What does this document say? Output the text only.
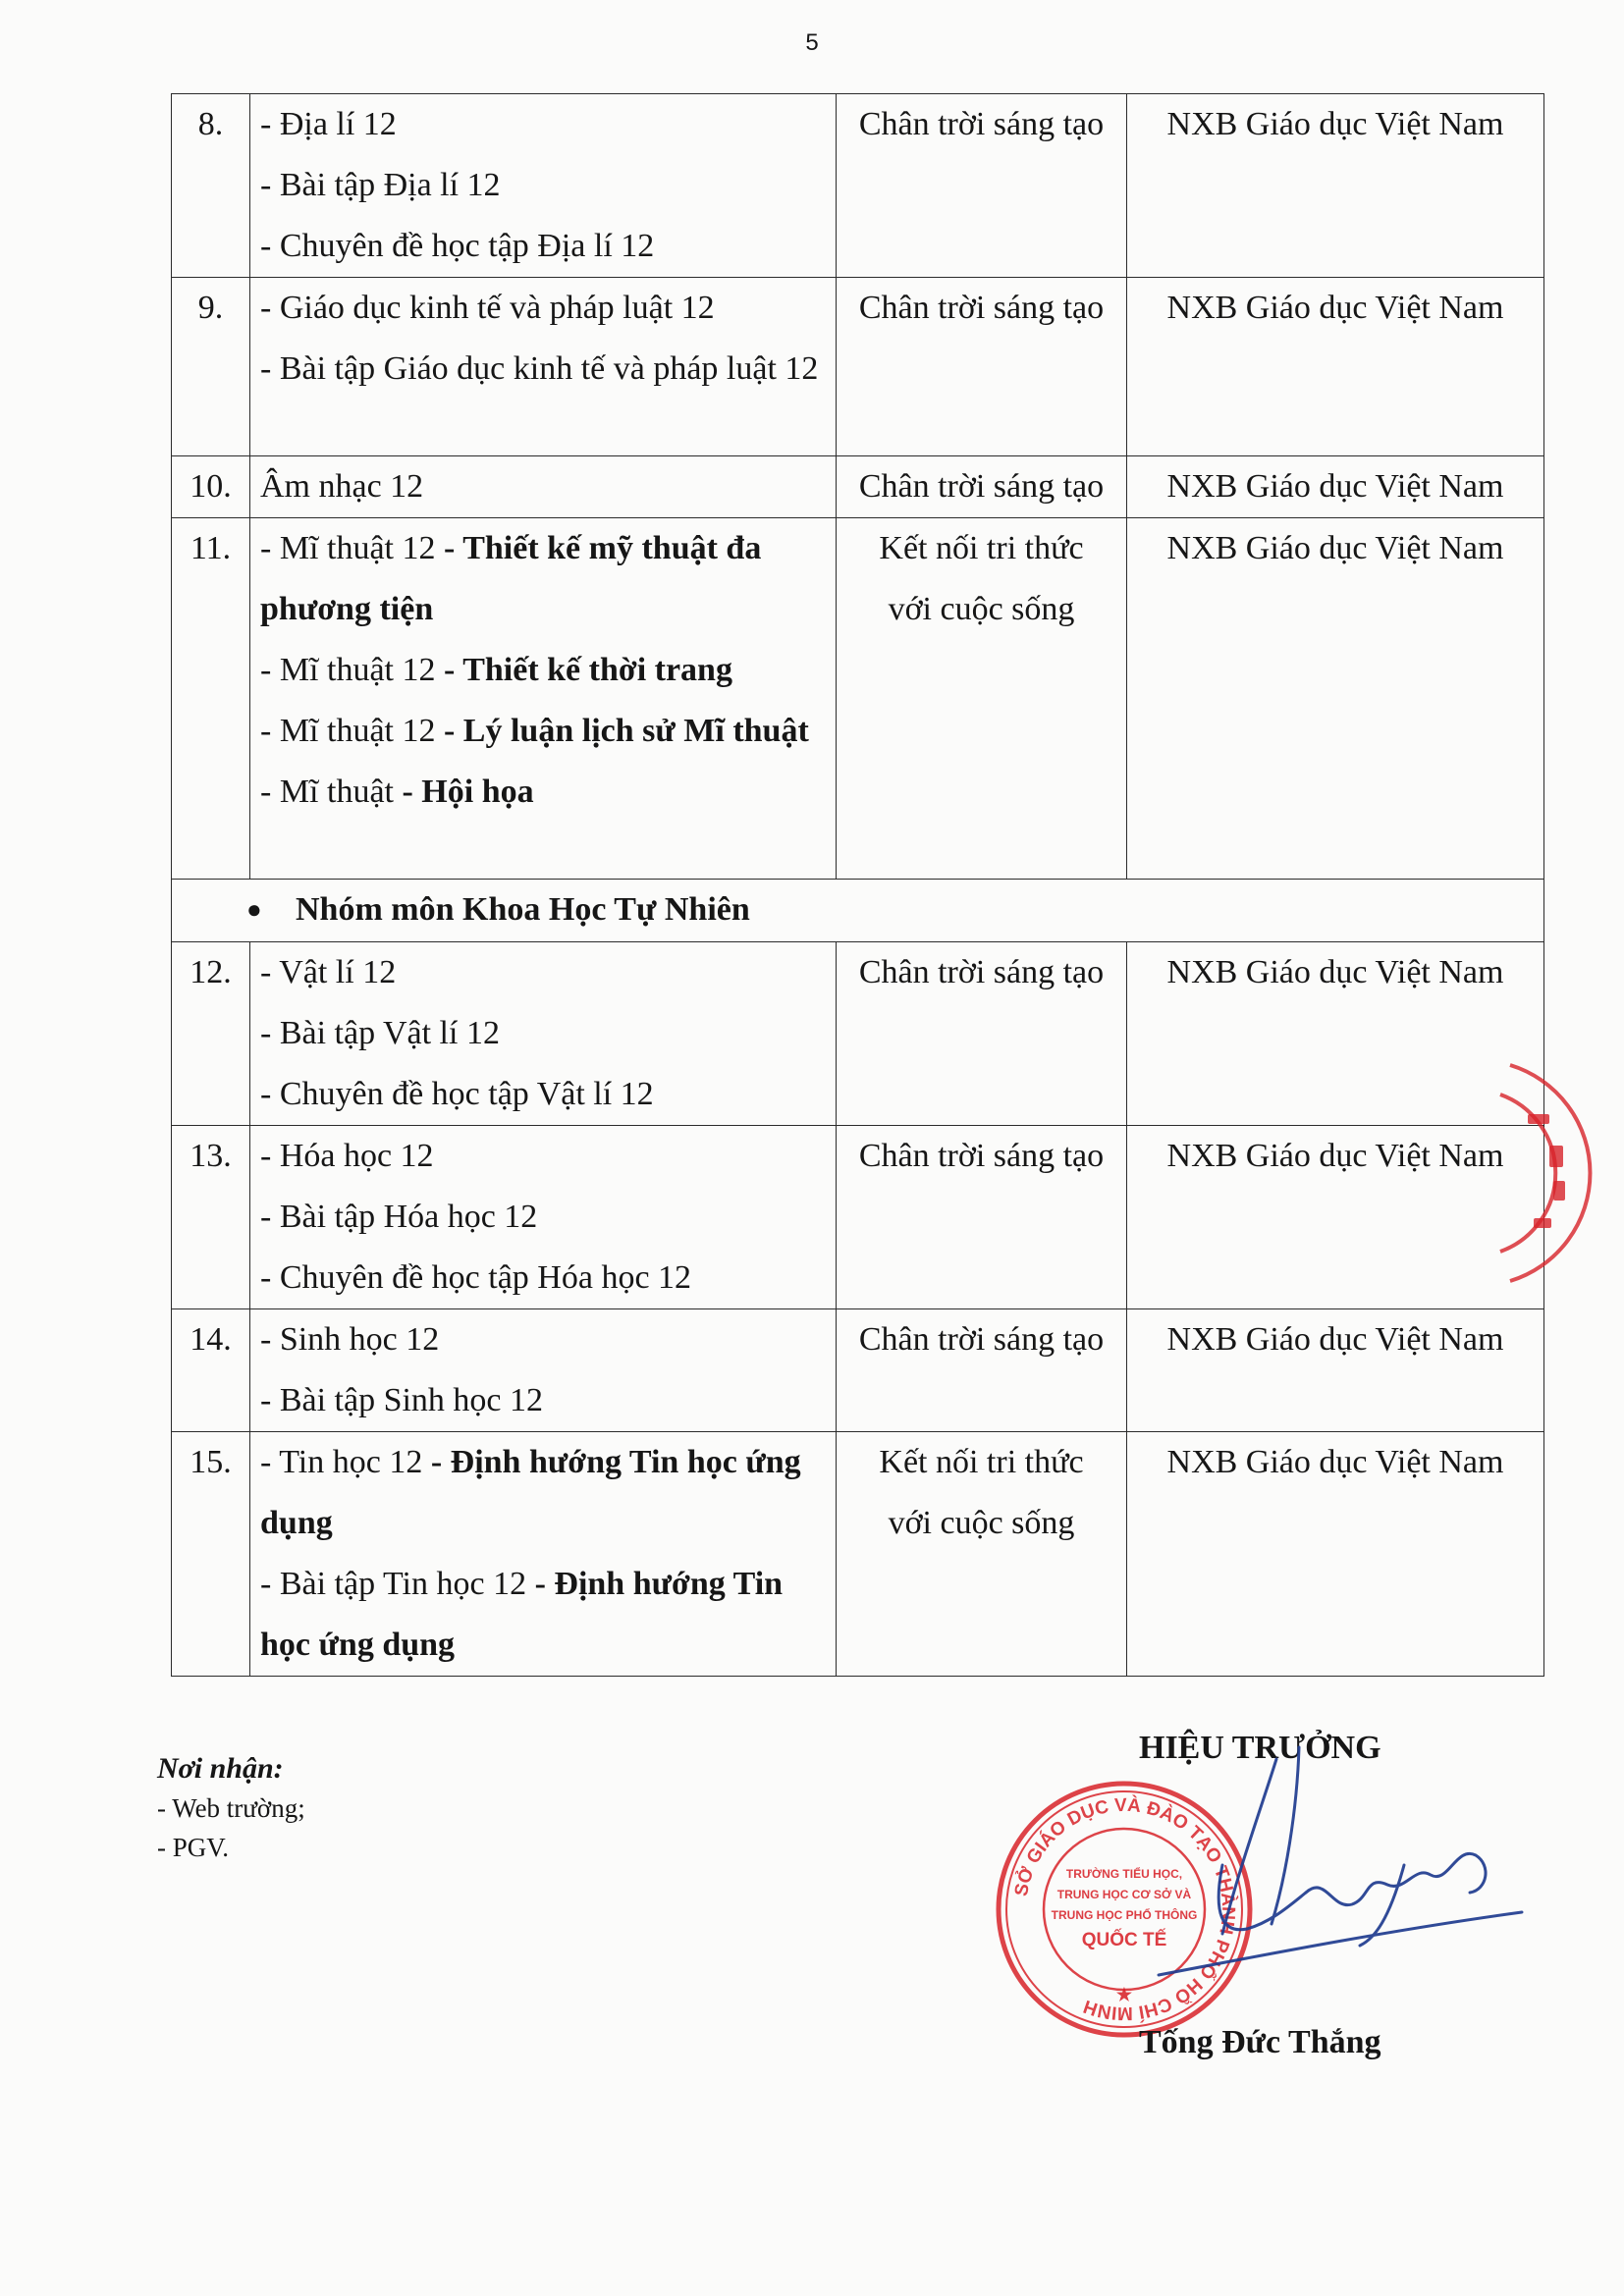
5
8.	- Địa lí 12
- Bài tập Địa lí 12
- Chuyên đề học tập Địa lí 12	Chân trời sáng tạo	NXB Giáo dục Việt Nam
9.	- Giáo dục kinh tế và pháp luật 12
- Bài tập Giáo dục kinh tế và pháp luật 12	Chân trời sáng tạo	NXB Giáo dục Việt Nam
10.	Âm nhạc 12	Chân trời sáng tạo	NXB Giáo dục Việt Nam
11.	- Mĩ thuật 12 - Thiết kế mỹ thuật đa phương tiện
- Mĩ thuật 12 - Thiết kế thời trang
- Mĩ thuật 12 - Lý luận lịch sử Mĩ thuật
- Mĩ thuật - Hội họa	Kết nối tri thức
với cuộc sống	NXB Giáo dục Việt Nam
● Nhóm môn Khoa Học Tự Nhiên			
12.	- Vật lí 12
- Bài tập Vật lí 12
- Chuyên đề học tập Vật lí 12	Chân trời sáng tạo	NXB Giáo dục Việt Nam
13.	- Hóa học 12
- Bài tập Hóa học 12
- Chuyên đề học tập Hóa học 12	Chân trời sáng tạo	NXB Giáo dục Việt Nam
14.	- Sinh học 12
- Bài tập Sinh học 12	Chân trời sáng tạo	NXB Giáo dục Việt Nam
15.	- Tin học 12 - Định hướng Tin học ứng dụng
- Bài tập Tin học 12 - Định hướng Tin học ứng dụng	Kết nối tri thức
với cuộc sống	NXB Giáo dục Việt Nam
Nơi nhận:
- Web trường;
- PGV.
SỞ GIÁO DỤC VÀ ĐÀO TẠO THÀNH PHỐ HỒ CHÍ MINH
TRƯỜNG TIỂU HỌC,
TRUNG HỌC CƠ SỞ VÀ
TRUNG HỌC PHỔ THÔNG
QUỐC TẾ
★
HIỆU TRƯỞNG
Tống Đức Thắng
